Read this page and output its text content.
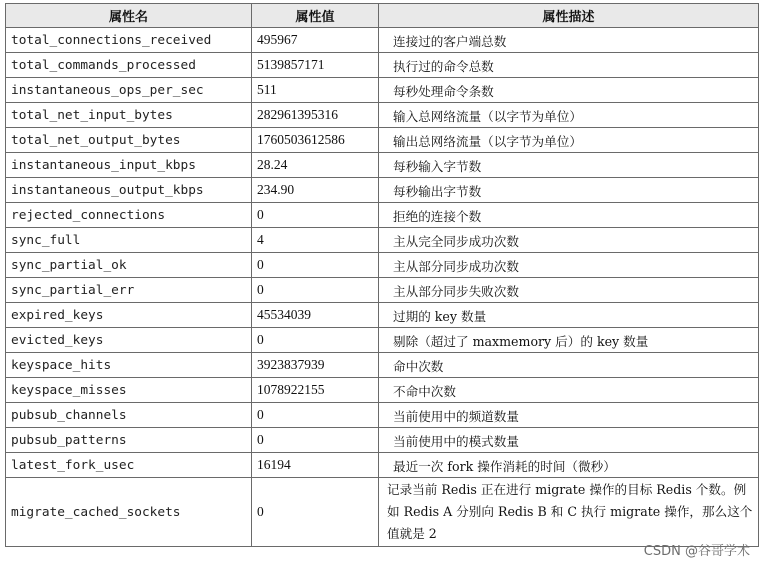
属性名	属性值	属性描述
total_connections_received	495967	连接过的客户端总数
total_commands_processed	5139857171	执行过的命令总数
instantaneous_ops_per_sec	511	每秒处理命令条数
total_net_input_bytes	282961395316	输入总网络流量（以字节为单位）
total_net_output_bytes	1760503612586	输出总网络流量（以字节为单位）
instantaneous_input_kbps	28.24	每秒输入字节数
instantaneous_output_kbps	234.90	每秒输出字节数
rejected_connections	0	拒绝的连接个数
sync_full	4	主从完全同步成功次数
sync_partial_ok	0	主从部分同步成功次数
sync_partial_err	0	主从部分同步失败次数
expired_keys	45534039	过期的 key 数量
evicted_keys	0	剔除（超过了 maxmemory 后）的 key 数量
keyspace_hits	3923837939	命中次数
keyspace_misses	1078922155	不命中次数
pubsub_channels	0	当前使用中的频道数量
pubsub_patterns	0	当前使用中的模式数量
latest_fork_usec	16194	最近一次 fork 操作消耗的时间（微秒）
migrate_cached_sockets	0	记录当前 Redis 正在进行 migrate 操作的目标 Redis 个数。例如 Redis A 分别向 Redis B 和 C 执行 migrate 操作，那么这个值就是 2
CSDN @谷哥学术
